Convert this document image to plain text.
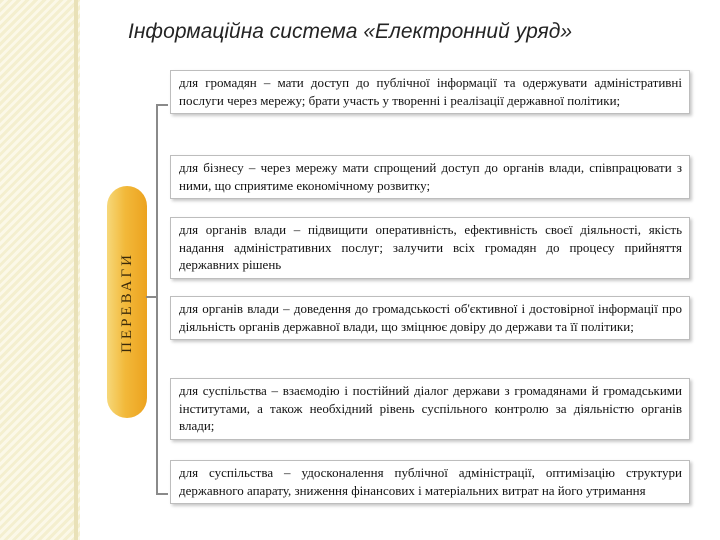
Інформаційна система «Електронний уряд»
ПЕРЕВАГИ
для громадян – мати доступ до публічної інформації та одержувати адміністративні послуги через мережу; брати участь у творенні і реалізації державної політики;
для бізнесу – через мережу мати спрощений доступ до органів влади, співпрацювати з ними, що сприятиме економічному розвитку;
для органів влади – підвищити оперативність, ефективність своєї діяльності, якість надання адміністративних послуг; залучити всіх громадян до процесу прийняття державних рішень
для органів влади – доведення до громадськості об'єктивної і достовірної інформації про діяльність органів державної влади, що зміцнює довіру до держави та її політики;
для суспільства – взаємодію і постійний діалог держави з громадянами й громадськими інститутами, а також необхідний рівень суспільного контролю за діяльністю органів влади;
для суспільства – удосконалення публічної адміністрації, оптимізацію структури державного апарату, зниження фінансових і матеріальних витрат на його утримання
